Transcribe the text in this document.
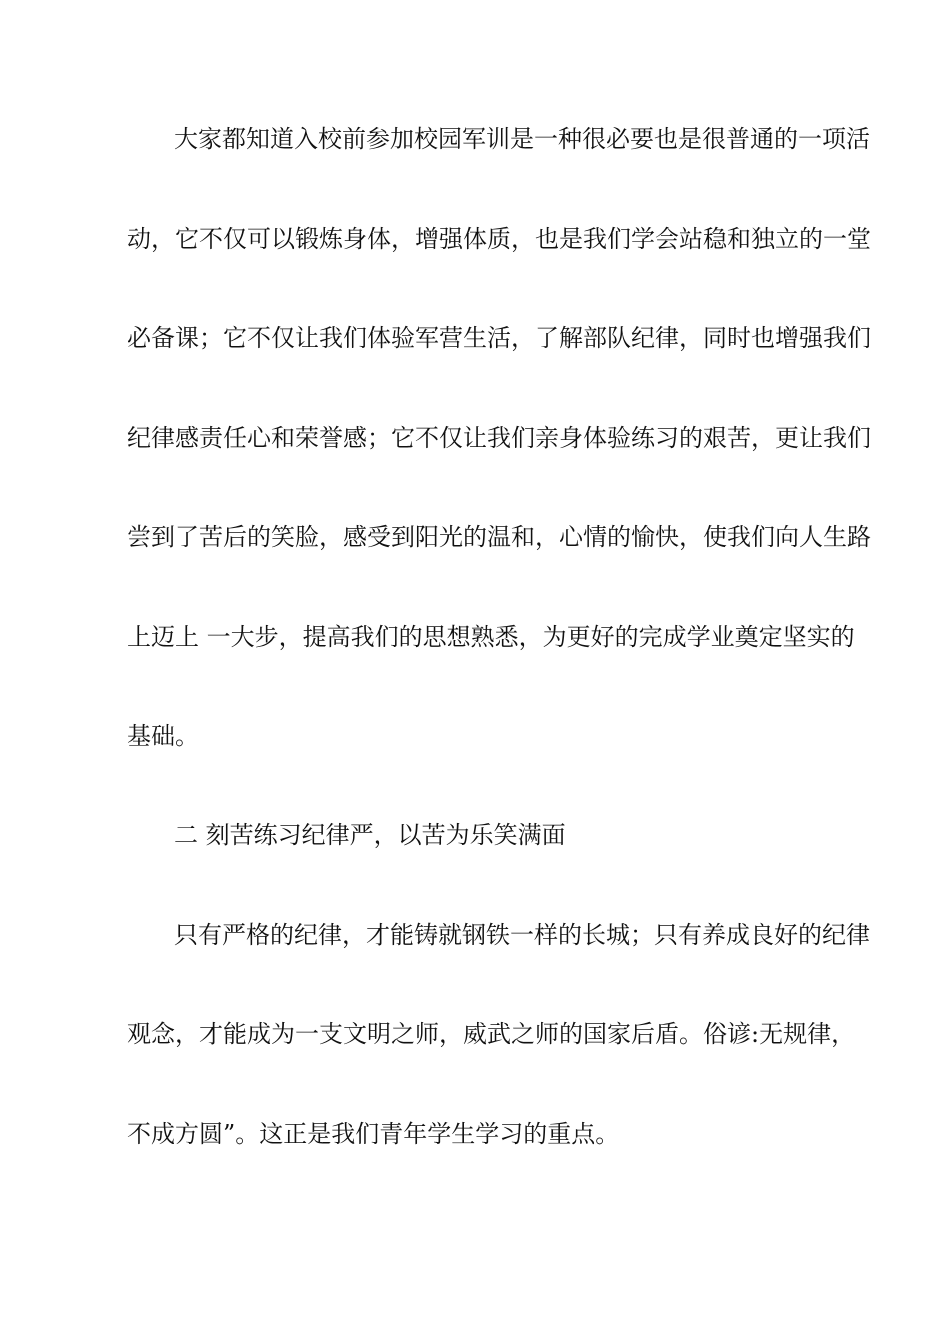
大家都知道入校前参加校园军训是一种很必要也是很普通的一项活
动，它不仅可以锻炼身体，增强体质，也是我们学会站稳和独立的一堂
必备课；它不仅让我们体验军营生活，了解部队纪律，同时也增强我们
纪律感责任心和荣誉感；它不仅让我们亲身体验练习的艰苦，更让我们
尝到了苦后的笑脸，感受到阳光的温和，心情的愉快，使我们向人生路
上迈上 一大步，提高我们的思想熟悉，为更好的完成学业奠定坚实的
基础。
二 刻苦练习纪律严，以苦为乐笑满面
只有严格的纪律，才能铸就钢铁一样的长城；只有养成良好的纪律
观念，才能成为一支文明之师，威武之师的国家后盾。俗谚:无规律，
不成方圆”。这正是我们青年学生学习的重点。
